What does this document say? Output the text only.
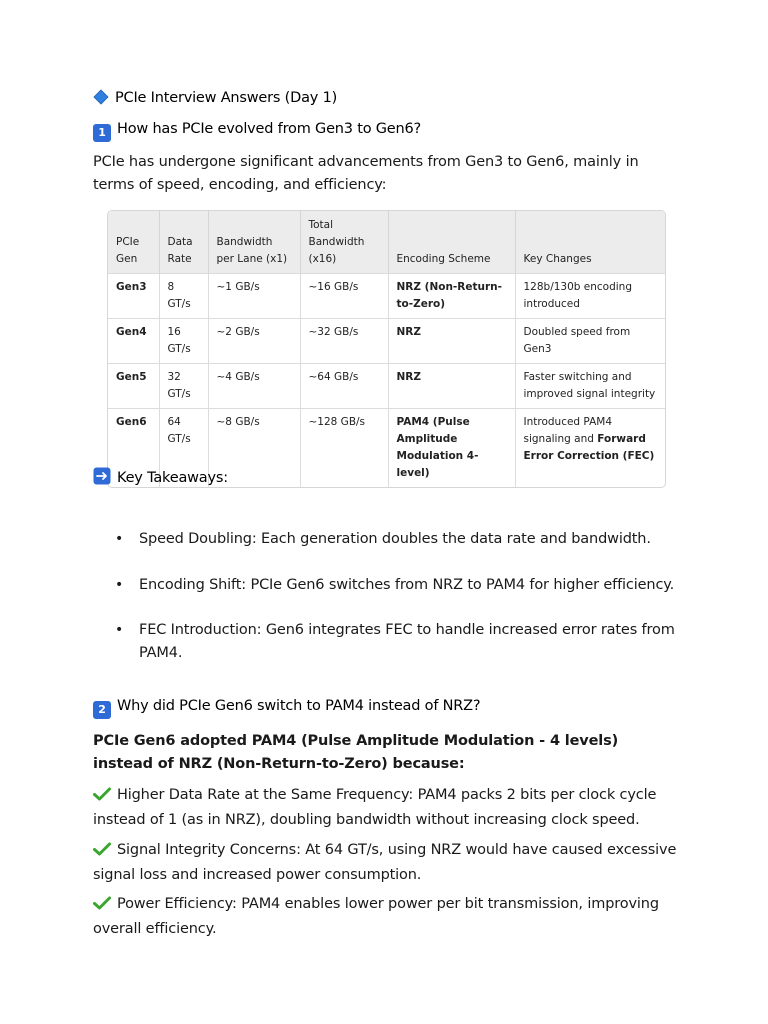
PCIe Interview Answers (Day 1)
1 How has PCIe evolved from Gen3 to Gen6?
PCIe has undergone significant advancements from Gen3 to Gen6, mainly in terms of speed, encoding, and efficiency:
PCIe Gen	Data Rate	Bandwidth per Lane (x1)	Total Bandwidth (x16)	Encoding Scheme	Key Changes
Gen3	8 GT/s	~1 GB/s	~16 GB/s	NRZ (Non-Return-to-Zero)	128b/130b encoding introduced
Gen4	16 GT/s	~2 GB/s	~32 GB/s	NRZ	Doubled speed from Gen3
Gen5	32 GT/s	~4 GB/s	~64 GB/s	NRZ	Faster switching and improved signal integrity
Gen6	64 GT/s	~8 GB/s	~128 GB/s	PAM4 (Pulse Amplitude Modulation 4-level)	Introduced PAM4 signaling and Forward Error Correction (FEC)
Key Takeaways:
• Speed Doubling: Each generation doubles the data rate and bandwidth.
• Encoding Shift: PCIe Gen6 switches from NRZ to PAM4 for higher efficiency.
• FEC Introduction: Gen6 integrates FEC to handle increased error rates from PAM4.
2 Why did PCIe Gen6 switch to PAM4 instead of NRZ?
PCIe Gen6 adopted PAM4 (Pulse Amplitude Modulation - 4 levels) instead of NRZ (Non-Return-to-Zero) because:
Higher Data Rate at the Same Frequency: PAM4 packs 2 bits per clock cycle instead of 1 (as in NRZ), doubling bandwidth without increasing clock speed.
Signal Integrity Concerns: At 64 GT/s, using NRZ would have caused excessive signal loss and increased power consumption.
Power Efficiency: PAM4 enables lower power per bit transmission, improving overall efficiency.
